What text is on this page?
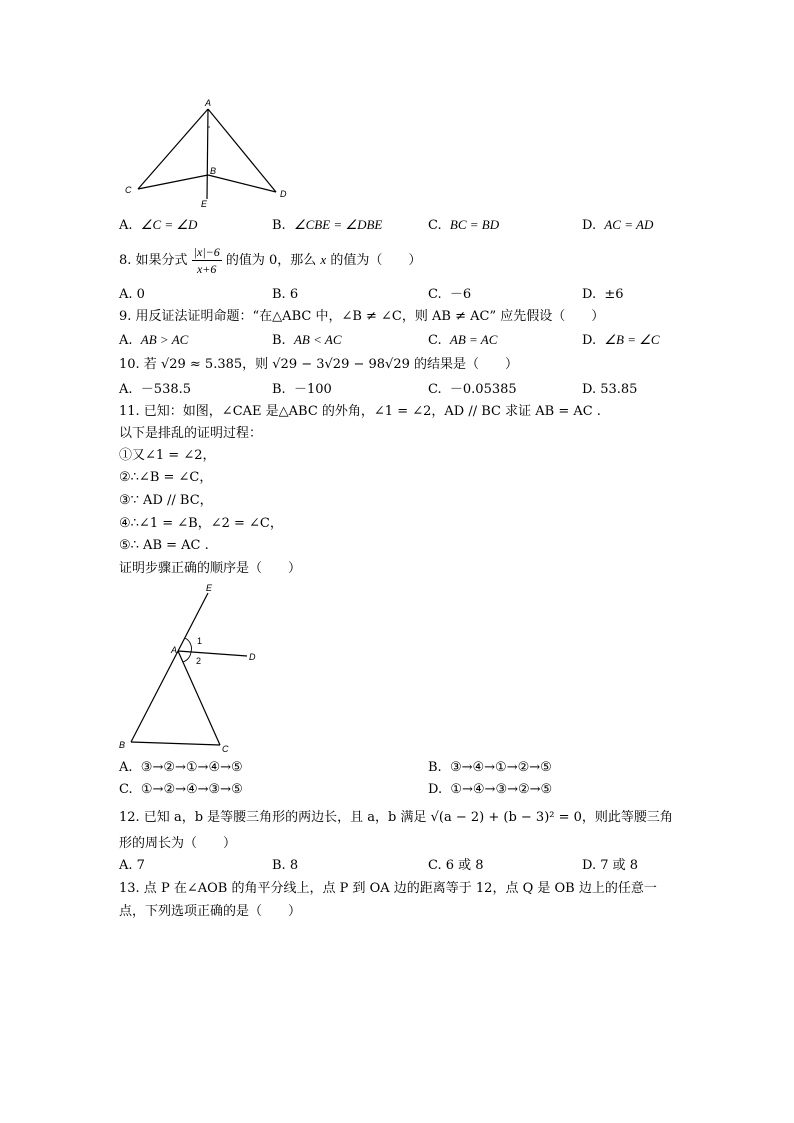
A
B
C	D
E
A. ∠C = ∠D	B. ∠CBE = ∠DBE	C. BC = BD	D. AC = AD
8. 如果分式 $\frac{|x|-6}{x+6}$ 的值为 0，那么 x 的值为（　　）
A. 0	B. 6	C. －6	D. ±6
9. 用反证法证明命题：“在△ABC 中，∠B ≠ ∠C，则 AB ≠ AC” 应先假设（　　）
A. AB > AC	B. AB < AC	C. AB = AC	D. ∠B = ∠C
10. 若 √29 ≈ 5.385，则 √29 − 3√29 − 98√29 的结果是（　　）
A. －538.5	B. －100	C. －0.05385	D. 53.85
11. 已知：如图，∠CAE 是△ABC 的外角，∠1 = ∠2，AD // BC 求证 AB = AC .
以下是排乱的证明过程：
①又∠1 = ∠2，
②∴∠B = ∠C，
③∵ AD // BC，
④∴∠1 = ∠B，∠2 = ∠C，
⑤∴ AB = AC .
证明步骤正确的顺序是（　　）
E
A
1
2	D
B	C
A. ③→②→①→④→⑤	B. ③→④→①→②→⑤
C. ①→②→④→③→⑤	D. ①→④→③→②→⑤
12. 已知 a，b 是等腰三角形的两边长，且 a，b 满足 √(a − 2) + (b − 3)² = 0，则此等腰三角
形的周长为（　　）
A. 7	B. 8	C. 6 或 8	D. 7 或 8
13. 点 P 在∠AOB 的角平分线上，点 P 到 OA 边的距离等于 12，点 Q 是 OB 边上的任意一
点，下列选项正确的是（　　）
